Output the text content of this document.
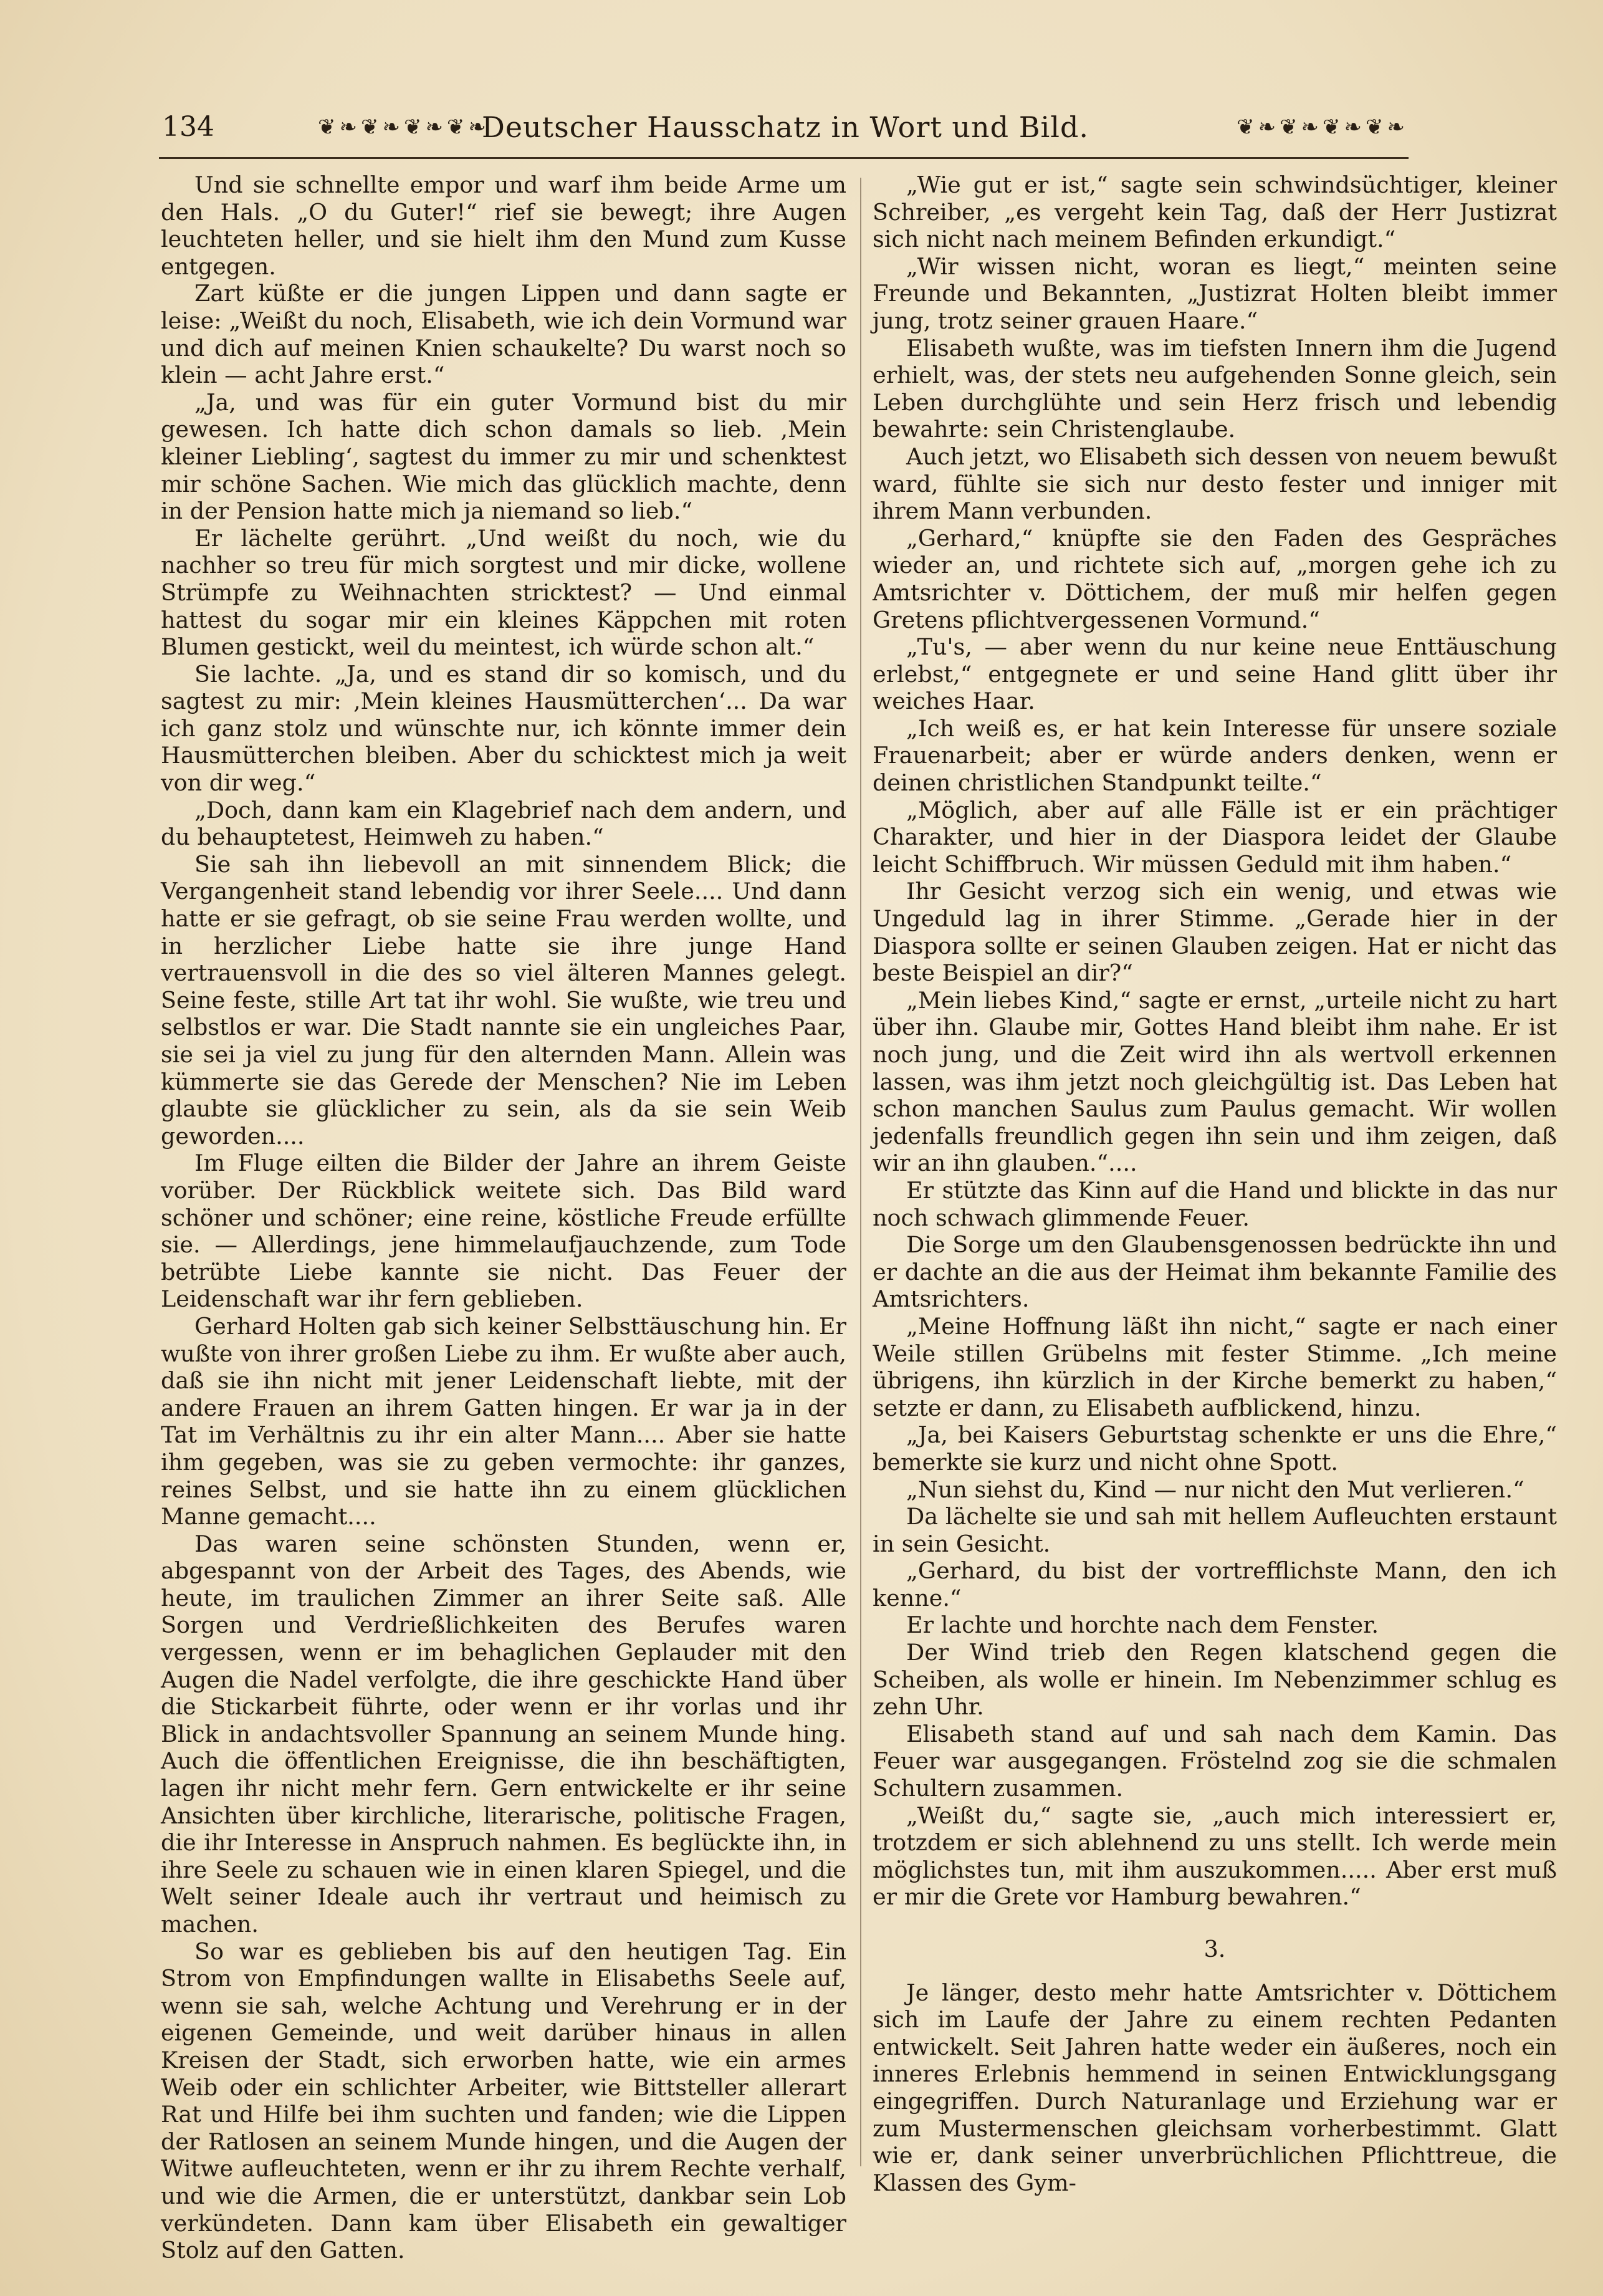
134	❦❧❦❧❦❧❦❧
Deutscher Hausschatz in Wort und Bild.	❦❧❦❧❦❧❦❧

Und sie schnellte empor und warf ihm beide Arme um den Hals. „O du Guter!“ rief sie bewegt; ihre Augen leuchteten heller, und sie hielt ihm den Mund zum Kusse entgegen.

Zart küßte er die jungen Lippen und dann sagte er leise: „Weißt du noch, Elisabeth, wie ich dein Vormund war und dich auf meinen Knien schaukelte? Du warst noch so klein — acht Jahre erst.“

„Ja, und was für ein guter Vormund bist du mir gewesen. Ich hatte dich schon damals so lieb. ‚Mein kleiner Liebling‘, sagtest du immer zu mir und schenktest mir schöne Sachen. Wie mich das glücklich machte, denn in der Pension hatte mich ja niemand so lieb.“

Er lächelte gerührt. „Und weißt du noch, wie du nachher so treu für mich sorgtest und mir dicke, wollene Strümpfe zu Weihnachten stricktest? — Und einmal hattest du sogar mir ein kleines Käppchen mit roten Blumen gestickt, weil du meintest, ich würde schon alt.“

Sie lachte. „Ja, und es stand dir so komisch, und du sagtest zu mir: ‚Mein kleines Hausmütterchen‘... Da war ich ganz stolz und wünschte nur, ich könnte immer dein Hausmütterchen bleiben. Aber du schicktest mich ja weit von dir weg.“

„Doch, dann kam ein Klagebrief nach dem andern, und du behauptetest, Heimweh zu haben.“

Sie sah ihn liebevoll an mit sinnendem Blick; die Vergangenheit stand lebendig vor ihrer Seele.... Und dann hatte er sie gefragt, ob sie seine Frau werden wollte, und in herzlicher Liebe hatte sie ihre junge Hand vertrauensvoll in die des so viel älteren Mannes gelegt. Seine feste, stille Art tat ihr wohl. Sie wußte, wie treu und selbstlos er war. Die Stadt nannte sie ein ungleiches Paar, sie sei ja viel zu jung für den alternden Mann. Allein was kümmerte sie das Gerede der Menschen? Nie im Leben glaubte sie glücklicher zu sein, als da sie sein Weib geworden....

Im Fluge eilten die Bilder der Jahre an ihrem Geiste vorüber. Der Rückblick weitete sich. Das Bild ward schöner und schöner; eine reine, köstliche Freude erfüllte sie. — Allerdings, jene himmelaufjauchzende, zum Tode betrübte Liebe kannte sie nicht. Das Feuer der Leidenschaft war ihr fern geblieben.

Gerhard Holten gab sich keiner Selbsttäuschung hin. Er wußte von ihrer großen Liebe zu ihm. Er wußte aber auch, daß sie ihn nicht mit jener Leidenschaft liebte, mit der andere Frauen an ihrem Gatten hingen. Er war ja in der Tat im Verhältnis zu ihr ein alter Mann.... Aber sie hatte ihm gegeben, was sie zu geben vermochte: ihr ganzes, reines Selbst, und sie hatte ihn zu einem glücklichen Manne gemacht....

Das waren seine schönsten Stunden, wenn er, abgespannt von der Arbeit des Tages, des Abends, wie heute, im traulichen Zimmer an ihrer Seite saß. Alle Sorgen und Verdrießlichkeiten des Berufes waren vergessen, wenn er im behaglichen Geplauder mit den Augen die Nadel verfolgte, die ihre geschickte Hand über die Stickarbeit führte, oder wenn er ihr vorlas und ihr Blick in andachtsvoller Spannung an seinem Munde hing. Auch die öffentlichen Ereignisse, die ihn beschäftigten, lagen ihr nicht mehr fern. Gern entwickelte er ihr seine Ansichten über kirchliche, literarische, politische Fragen, die ihr Interesse in Anspruch nahmen. Es beglückte ihn, in ihre Seele zu schauen wie in einen klaren Spiegel, und die Welt seiner Ideale auch ihr vertraut und heimisch zu machen.

So war es geblieben bis auf den heutigen Tag. Ein Strom von Empfindungen wallte in Elisabeths Seele auf, wenn sie sah, welche Achtung und Verehrung er in der eigenen Gemeinde, und weit darüber hinaus in allen Kreisen der Stadt, sich erworben hatte, wie ein armes Weib oder ein schlichter Arbeiter, wie Bittsteller allerart Rat und Hilfe bei ihm suchten und fanden; wie die Lippen der Ratlosen an seinem Munde hingen, und die Augen der Witwe aufleuchteten, wenn er ihr zu ihrem Rechte verhalf, und wie die Armen, die er unterstützt, dankbar sein Lob verkündeten. Dann kam über Elisabeth ein gewaltiger Stolz auf den Gatten.

„Wie gut er ist,“ sagte sein schwindsüchtiger, kleiner Schreiber, „es vergeht kein Tag, daß der Herr Justizrat sich nicht nach meinem Befinden erkundigt.“

„Wir wissen nicht, woran es liegt,“ meinten seine Freunde und Bekannten, „Justizrat Holten bleibt immer jung, trotz seiner grauen Haare.“

Elisabeth wußte, was im tiefsten Innern ihm die Jugend erhielt, was, der stets neu aufgehenden Sonne gleich, sein Leben durchglühte und sein Herz frisch und lebendig bewahrte: sein Christenglaube.

Auch jetzt, wo Elisabeth sich dessen von neuem bewußt ward, fühlte sie sich nur desto fester und inniger mit ihrem Mann verbunden.

„Gerhard,“ knüpfte sie den Faden des Gespräches wieder an, und richtete sich auf, „morgen gehe ich zu Amtsrichter v. Döttichem, der muß mir helfen gegen Gretens pflichtvergessenen Vormund.“

„Tu's, — aber wenn du nur keine neue Enttäuschung erlebst,“ entgegnete er und seine Hand glitt über ihr weiches Haar.

„Ich weiß es, er hat kein Interesse für unsere soziale Frauenarbeit; aber er würde anders denken, wenn er deinen christlichen Standpunkt teilte.“

„Möglich, aber auf alle Fälle ist er ein prächtiger Charakter, und hier in der Diaspora leidet der Glaube leicht Schiffbruch. Wir müssen Geduld mit ihm haben.“

Ihr Gesicht verzog sich ein wenig, und etwas wie Ungeduld lag in ihrer Stimme. „Gerade hier in der Diaspora sollte er seinen Glauben zeigen. Hat er nicht das beste Beispiel an dir?“

„Mein liebes Kind,“ sagte er ernst, „urteile nicht zu hart über ihn. Glaube mir, Gottes Hand bleibt ihm nahe. Er ist noch jung, und die Zeit wird ihn als wertvoll erkennen lassen, was ihm jetzt noch gleichgültig ist. Das Leben hat schon manchen Saulus zum Paulus gemacht. Wir wollen jedenfalls freundlich gegen ihn sein und ihm zeigen, daß wir an ihn glauben.“....

Er stützte das Kinn auf die Hand und blickte in das nur noch schwach glimmende Feuer.

Die Sorge um den Glaubensgenossen bedrückte ihn und er dachte an die aus der Heimat ihm bekannte Familie des Amtsrichters.

„Meine Hoffnung läßt ihn nicht,“ sagte er nach einer Weile stillen Grübelns mit fester Stimme. „Ich meine übrigens, ihn kürzlich in der Kirche bemerkt zu haben,“ setzte er dann, zu Elisabeth aufblickend, hinzu.

„Ja, bei Kaisers Geburtstag schenkte er uns die Ehre,“ bemerkte sie kurz und nicht ohne Spott.

„Nun siehst du, Kind — nur nicht den Mut verlieren.“

Da lächelte sie und sah mit hellem Aufleuchten erstaunt in sein Gesicht.

„Gerhard, du bist der vortrefflichste Mann, den ich kenne.“

Er lachte und horchte nach dem Fenster.

Der Wind trieb den Regen klatschend gegen die Scheiben, als wolle er hinein. Im Nebenzimmer schlug es zehn Uhr.

Elisabeth stand auf und sah nach dem Kamin. Das Feuer war ausgegangen. Fröstelnd zog sie die schmalen Schultern zusammen.

„Weißt du,“ sagte sie, „auch mich interessiert er, trotzdem er sich ablehnend zu uns stellt. Ich werde mein möglichstes tun, mit ihm auszukommen..... Aber erst muß er mir die Grete vor Hamburg bewahren.“

3.

Je länger, desto mehr hatte Amtsrichter v. Döttichem sich im Laufe der Jahre zu einem rechten Pedanten entwickelt. Seit Jahren hatte weder ein äußeres, noch ein inneres Erlebnis hemmend in seinen Entwicklungsgang eingegriffen. Durch Naturanlage und Erziehung war er zum Mustermenschen gleichsam vorherbestimmt. Glatt wie er, dank seiner unverbrüchlichen Pflichttreue, die Klassen des Gym-
